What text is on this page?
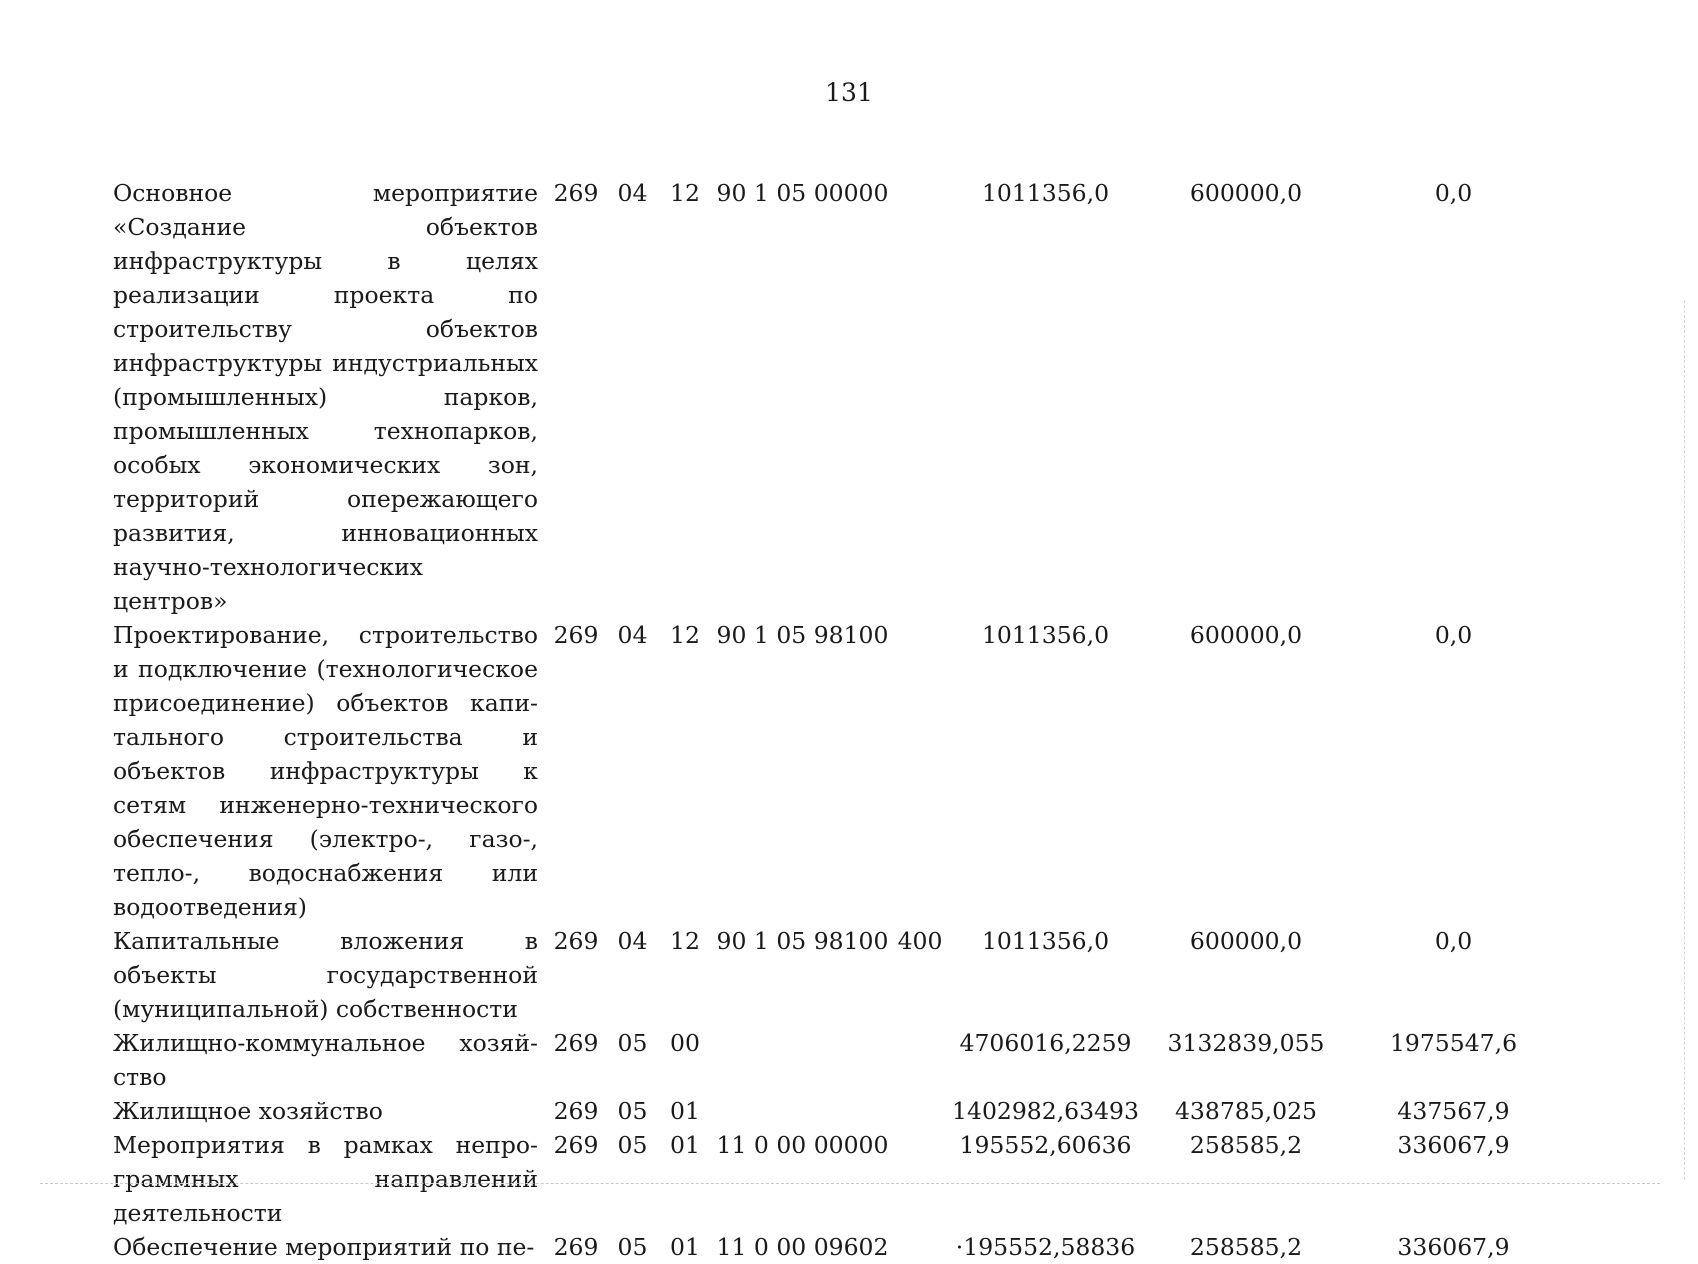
131
Основное мероприятие «Создание объектов инфраструктуры в целях реализации проекта по строительству объектов инфраструктуры индустриальных (промышленных) парков, промышленных технопарков, особых экономических зон, территорий опережающего развития, инновационных научно-технологических центров»	269	04	12	90 1 05 00000		1011356,0	600000,0	0,0
Проектирование, строительство и подключение (технологическое присоединение) объектов капитального строительства и объектов инфраструктуры к сетям инженерно-технического обеспечения (электро-, газо-, тепло-, водоснабжения или водоотведения)	269	04	12	90 1 05 98100		1011356,0	600000,0	0,0
Капитальные вложения в объекты государственной (муниципальной) собственности	269	04	12	90 1 05 98100	400	1011356,0	600000,0	0,0
Жилищно-коммунальное хозяйство	269	05	00			4706016,2259	3132839,055	1975547,6
Жилищное хозяйство	269	05	01			1402982,63493	438785,025	437567,9
Мероприятия в рамках непрограммных направлений деятельности	269	05	01	11 0 00 00000		195552,60636	258585,2	336067,9
Обеспечение мероприятий по пе-	269	05	01	11 0 00 09602		·195552,58836	258585,2	336067,9
